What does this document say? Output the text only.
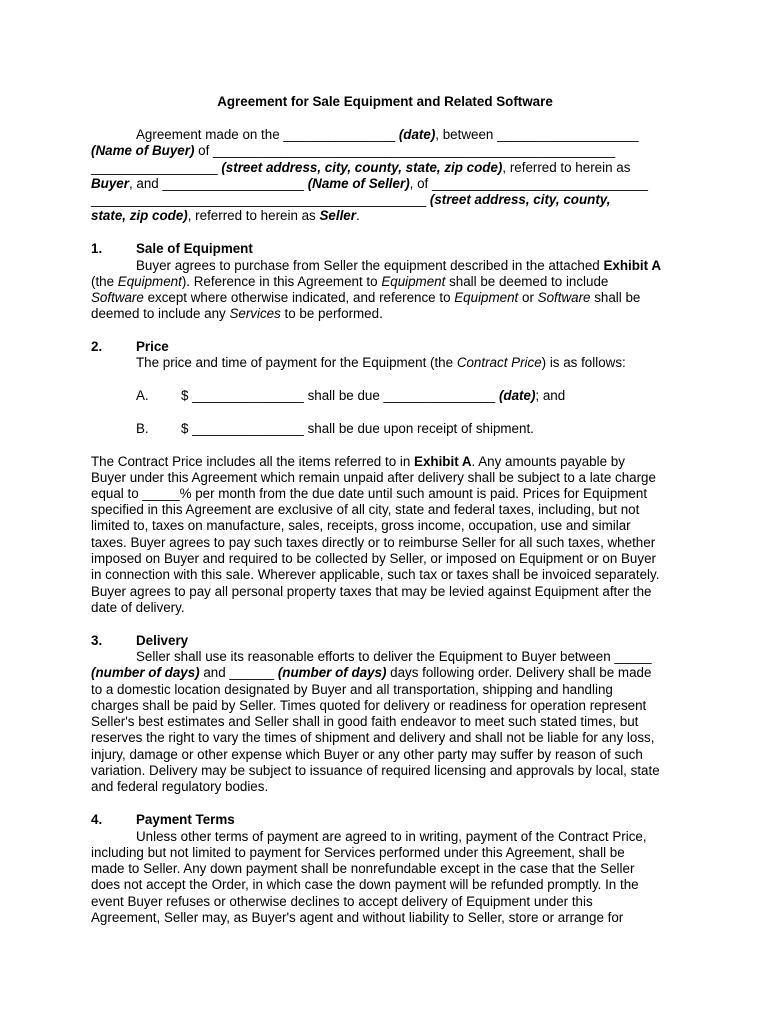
Agreement for Sale Equipment and Related Software
Agreement made on the _______________ (date), between ___________________
(Name of Buyer) of ______________________________________________________
_________________ (street address, city, county, state, zip code), referred to herein as
Buyer, and ___________________ (Name of Seller), of _____________________________
_____________________________________________ (street address, city, county,
state, zip code), referred to herein as Seller.
1.	Sale of Equipment
Buyer agrees to purchase from Seller the equipment described in the attached Exhibit A
(the Equipment). Reference in this Agreement to Equipment shall be deemed to include
Software except where otherwise indicated, and reference to Equipment or Software shall be
deemed to include any Services to be performed.
2.	Price
The price and time of payment for the Equipment (the Contract Price) is as follows:
A. $ _______________ shall be due _______________ (date); and
B. $ _______________ shall be due upon receipt of shipment.
The Contract Price includes all the items referred to in Exhibit A. Any amounts payable by
Buyer under this Agreement which remain unpaid after delivery shall be subject to a late charge
equal to _____% per month from the due date until such amount is paid. Prices for Equipment
specified in this Agreement are exclusive of all city, state and federal taxes, including, but not
limited to, taxes on manufacture, sales, receipts, gross income, occupation, use and similar
taxes. Buyer agrees to pay such taxes directly or to reimburse Seller for all such taxes, whether
imposed on Buyer and required to be collected by Seller, or imposed on Equipment or on Buyer
in connection with this sale. Wherever applicable, such tax or taxes shall be invoiced separately.
Buyer agrees to pay all personal property taxes that may be levied against Equipment after the
date of delivery.
3.	Delivery
Seller shall use its reasonable efforts to deliver the Equipment to Buyer between _____
(number of days) and ______ (number of days) days following order. Delivery shall be made
to a domestic location designated by Buyer and all transportation, shipping and handling
charges shall be paid by Seller. Times quoted for delivery or readiness for operation represent
Seller's best estimates and Seller shall in good faith endeavor to meet such stated times, but
reserves the right to vary the times of shipment and delivery and shall not be liable for any loss,
injury, damage or other expense which Buyer or any other party may suffer by reason of such
variation. Delivery may be subject to issuance of required licensing and approvals by local, state
and federal regulatory bodies.
4.	Payment Terms
Unless other terms of payment are agreed to in writing, payment of the Contract Price,
including but not limited to payment for Services performed under this Agreement, shall be
made to Seller. Any down payment shall be nonrefundable except in the case that the Seller
does not accept the Order, in which case the down payment will be refunded promptly. In the
event Buyer refuses or otherwise declines to accept delivery of Equipment under this
Agreement, Seller may, as Buyer's agent and without liability to Seller, store or arrange for
